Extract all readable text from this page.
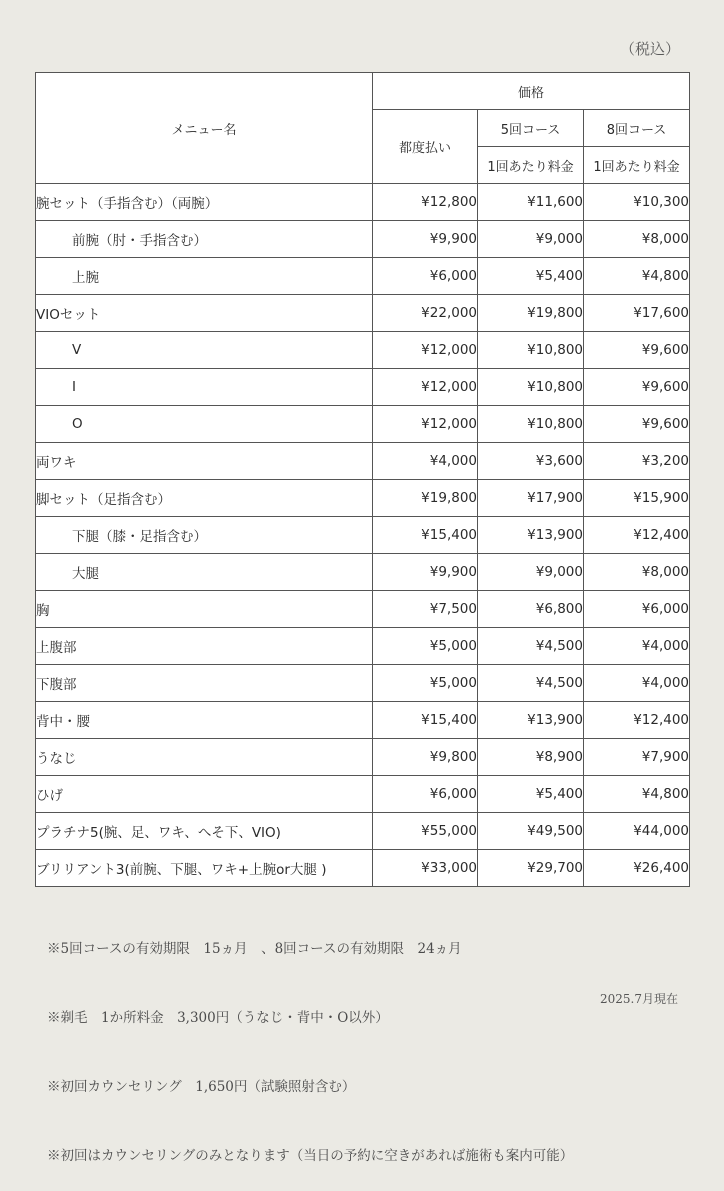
（税込）
メニュー名	価格		
	都度払い	5回コース	8回コース
		1回あたり料金	1回あたり料金
腕セット（手指含む）（両腕）	¥12,800	¥11,600	¥10,300
前腕（肘・手指含む）	¥9,900	¥9,000	¥8,000
上腕	¥6,000	¥5,400	¥4,800
VIOセット	¥22,000	¥19,800	¥17,600
V	¥12,000	¥10,800	¥9,600
I	¥12,000	¥10,800	¥9,600
O	¥12,000	¥10,800	¥9,600
両ワキ	¥4,000	¥3,600	¥3,200
脚セット（足指含む）	¥19,800	¥17,900	¥15,900
下腿（膝・足指含む）	¥15,400	¥13,900	¥12,400
大腿	¥9,900	¥9,000	¥8,000
胸	¥7,500	¥6,800	¥6,000
上腹部	¥5,000	¥4,500	¥4,000
下腹部	¥5,000	¥4,500	¥4,000
背中・腰	¥15,400	¥13,900	¥12,400
うなじ	¥9,800	¥8,900	¥7,900
ひげ	¥6,000	¥5,400	¥4,800
プラチナ5(腕、足、ワキ、へそ下、VIO)	¥55,000	¥49,500	¥44,000
ブリリアント3(前腕、下腿、ワキ+上腕or大腿 )	¥33,000	¥29,700	¥26,400

※5回コースの有効期限　15ヵ月　、8回コースの有効期限　24ヵ月

※剃毛　1か所料金　3,300円（うなじ・背中・O以外）

※初回カウンセリング　1,650円（試験照射含む）

※初回はカウンセリングのみとなります（当日の予約に空きがあれば施術も案内可能）

2025.7月現在
